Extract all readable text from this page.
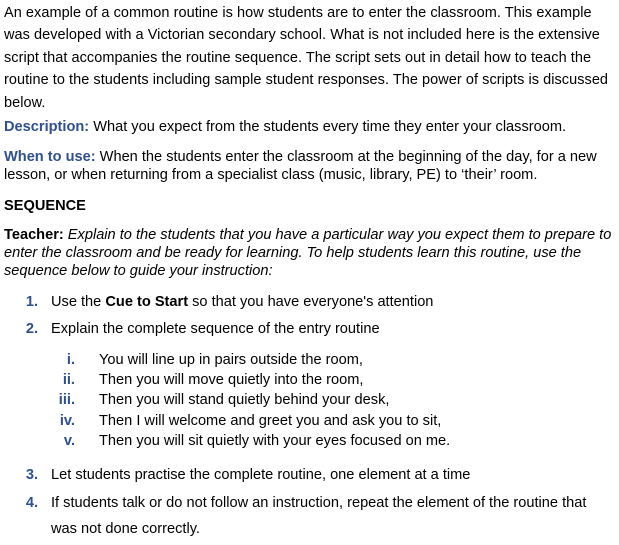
An example of a common routine is how students are to enter the classroom. This example was developed with a Victorian secondary school. What is not included here is the extensive script that accompanies the routine sequence. The script sets out in detail how to teach the routine to the students including sample student responses. The power of scripts is discussed below.

Description: What you expect from the students every time they enter your classroom.

When to use: When the students enter the classroom at the beginning of the day, for a new lesson, or when returning from a specialist class (music, library, PE) to ‘their’ room.

SEQUENCE

Teacher: Explain to the students that you have a particular way you expect them to prepare to enter the classroom and be ready for learning. To help students learn this routine, use the sequence below to guide your instruction:

1. Use the Cue to Start so that you have everyone's attention
2. Explain the complete sequence of the entry routine
i. You will line up in pairs outside the room,
ii. Then you will move quietly into the room,
iii. Then you will stand quietly behind your desk,
iv. Then I will welcome and greet you and ask you to sit,
v. Then you will sit quietly with your eyes focused on me.
3. Let students practise the complete routine, one element at a time
4. If students talk or do not follow an instruction, repeat the element of the routine that
was not done correctly.
